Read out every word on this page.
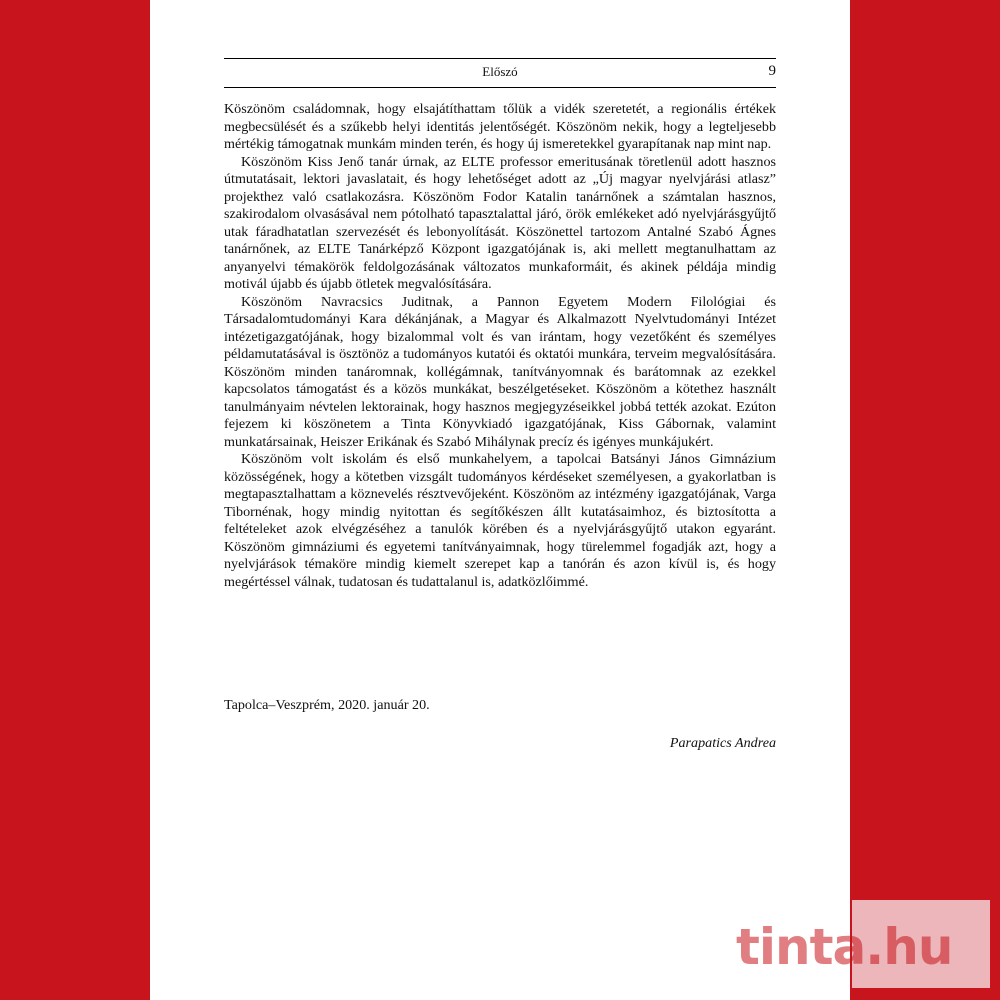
Előszó	9

Köszönöm családomnak, hogy elsajátíthattam tőlük a vidék szeretetét, a regionális értékek megbecsülését és a szűkebb helyi identitás jelentőségét. Köszönöm nekik, hogy a legteljesebb mértékig támogatnak munkám minden terén, és hogy új ismeretekkel gyarapítanak nap mint nap.

Köszönöm Kiss Jenő tanár úrnak, az ELTE professor emeritusának töretlenül adott hasznos útmutatásait, lektori javaslatait, és hogy lehetőséget adott az „Új magyar nyelvjárási atlasz” projekthez való csatlakozásra. Köszönöm Fodor Katalin tanárnőnek a számtalan hasznos, szakirodalom olvasásával nem pótolható tapasztalattal járó, örök emlékeket adó nyelvjárásgyűjtő utak fáradhatatlan szervezését és lebonyolítását. Köszönettel tartozom Antalné Szabó Ágnes tanárnőnek, az ELTE Tanárképző Központ igazgatójának is, aki mellett megtanulhattam az anyanyelvi témakörök feldolgozásának változatos munkaformáit, és akinek példája mindig motivál újabb és újabb ötletek megvalósítására.

Köszönöm Navracsics Juditnak, a Pannon Egyetem Modern Filológiai és Társadalomtudományi Kara dékánjának, a Magyar és Alkalmazott Nyelvtudományi Intézet intézetigazgatójának, hogy bizalommal volt és van irántam, hogy vezetőként és személyes példamutatásával is ösztönöz a tudományos kutatói és oktatói munkára, terveim megvalósítására. Köszönöm minden tanáromnak, kollégámnak, tanítványomnak és barátomnak az ezekkel kapcsolatos támogatást és a közös munkákat, beszélgetéseket. Köszönöm a kötethez használt tanulmányaim névtelen lektorainak, hogy hasznos megjegyzéseikkel jobbá tették azokat. Ezúton fejezem ki köszönetem a Tinta Könyvkiadó igazgatójának, Kiss Gábornak, valamint munkatársainak, Heiszer Erikának és Szabó Mihálynak precíz és igényes munkájukért.

Köszönöm volt iskolám és első munkahelyem, a tapolcai Batsányi János Gimnázium közösségének, hogy a kötetben vizsgált tudományos kérdéseket személyesen, a gyakorlatban is megtapasztalhattam a köznevelés résztvevőjeként. Köszönöm az intézmény igazgatójának, Varga Tibornénak, hogy mindig nyitottan és segítőkészen állt kutatásaimhoz, és biztosította a feltételeket azok elvégzéséhez a tanulók körében és a nyelvjárásgyűjtő utakon egyaránt. Köszönöm gimnáziumi és egyetemi tanítványaimnak, hogy türelemmel fogadják azt, hogy a nyelvjárások témaköre mindig kiemelt szerepet kap a tanórán és azon kívül is, és hogy megértéssel válnak, tudatosan és tudattalanul is, adatközlőimmé.

Tapolca–Veszprém, 2020. január 20.
Parapatics Andrea
tinta.hu
